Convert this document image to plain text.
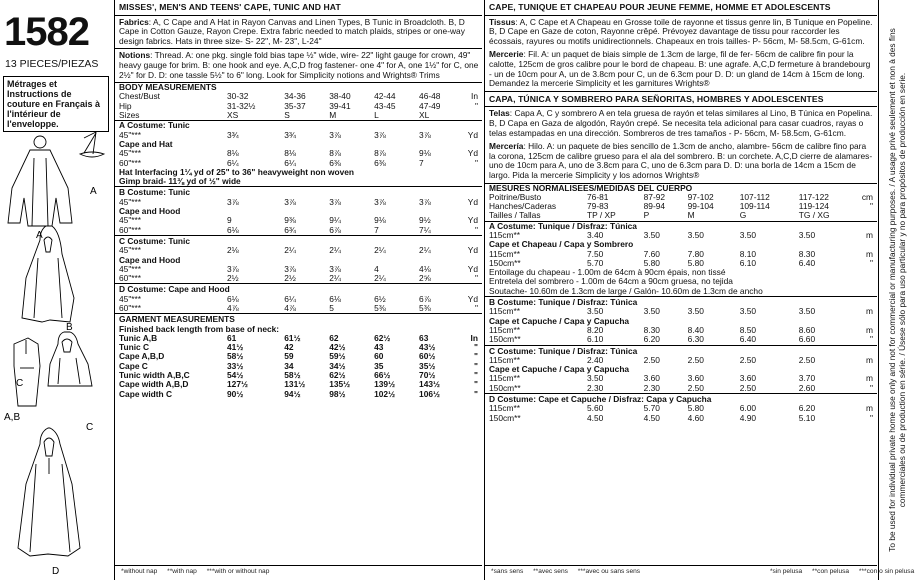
1582
13 PIECES/PIEZAS
Métrages et Instructions de couture en Français à l'intérieur de l'enveloppe.
A
A
B
C
A,B
C
D
MISSES', MEN'S AND TEENS' CAPE, TUNIC AND HAT
Fabrics: A, C Cape and A Hat in Rayon Canvas and Linen Types, B Tunic in Broadcloth. B, D Cape in Cotton Gauze, Rayon Crepe. Extra fabric needed to match plaids, stripes or one-way design fabrics. Hats in three size- S- 22", M- 23", L-24"
Notions: Thread. A: one pkg. single fold bias tape ½" wide, wire- 22" light gauge for crown, 49" heavy gauge for brim. B: one hook and eye. A,C,D frog fastener- one 4" for A, one 1½" for C, one 2½" for D. D: one tassle 5½" to 6" long. Look for Simplicity notions and Wrights® Trims
BODY MEASUREMENTS						
Chest/Bust	30-32	34-36	38-40	42-44	46-48	In
Hip	31-32½	35-37	39-41	43-45	47-49	"
Sizes	XS	S	M	L	XL	
A Costume: Tunic						
45"***	3¾	3¾	3⅞	3⅞	3⅞	Yd
Cape and Hat						
45"***	8⅛	8⅛	8⅞	8⅞	9⅛	Yd
60"***	6¼	6¼	6⅜	6⅜	7	"
Hat Interfacing 1¼ yd of 25" to 36" heavyweight non woven						
Gimp braid- 11⅜ yd of ½" wide						
B Costume: Tunic						
45"***	3⅞	3⅞	3⅞	3⅞	3⅞	Yd
Cape and Hood						
45"***	9	9⅜	9¼	9⅛	9½	Yd
60"***	6⅛	6¾	6⅞	7	7¼	"
C Costume: Tunic						
45"***	2⅛	2¼	2¼	2¼	2¼	Yd
Cape and Hood						
45"***	3⅞	3⅞	3⅞	4	4⅛	Yd
60"***	2½	2½	2¼	2¼	2⅝	"
D Costume: Cape and Hood						
45"***	6⅛	6¼	6⅛	6½	6⅞	Yd
60"***	4⅞	4⅞	5	5⅜	5⅜	"
GARMENT MEASUREMENTS						
Finished back length from base of neck:						
Tunic A,B	61	61½	62	62½	63	In
Tunic C	41½	42	42½	43	43½	"
Cape A,B,D	58½	59	59½	60	60½	"
Cape C	33½	34	34½	35	35½	"
Tunic width A,B,C	54½	58½	62½	66½	70½	"
Cape width A,B,D	127½	131½	135½	139½	143½	"
Cape width C	90½	94½	98½	102½	106½	"
*without nap **with nap ***with or without nap
CAPE, TUNIQUE ET CHAPEAU POUR JEUNE FEMME, HOMME ET ADOLESCENTS
Tissus: A, C Cape et A Chapeau en Grosse toile de rayonne et tissus genre lin, B Tunique en Popeline. B, D Cape en Gaze de coton, Rayonne crêpé. Prévoyez davantage de tissu pour raccorder les écossais, rayures ou motifs unidirectionnels. Chapeaux en trois tailles- P- 56cm, M- 58.5cm, G-61cm.
Mercerie: Fil. A: un paquet de biais simple de 1.3cm de large, fil de fer- 56cm de calibre fin pour la calotte, 125cm de gros calibre pour le bord de chapeau. B: une agrafe. A,C,D fermeture à brandebourg - un de 10cm pour A, un de 3.8cm pour C, un de 6.3cm pour D. D: un gland de 14cm à 15cm de long. Demandez la mercerie Simplicity et les garnitures Wrights®
CAPA, TÚNICA Y SOMBRERO PARA SEÑORITAS, HOMBRES Y ADOLESCENTES
Telas: Capa A, C y sombrero A en tela gruesa de rayón et telas similares al Lino, B Túnica en Popelina. B, D Capa en Gaza de algodón, Rayón crepé. Se necesita tela adicional para casar cuadros, rayas o telas estampadas en una dirección. Sombreros de tres tamaños - P- 56cm, M- 58.5cm, G-61cm.
Mercería: Hilo. A: un paquete de bies sencillo de 1.3cm de ancho, alambre- 56cm de calibre fino para la corona, 125cm de calibre grueso para el ala del sombrero. B: un corchete. A,C,D cierre de alamares- uno de 10cm para A, uno de 3.8cm para C, uno de 6.3cm para D. D: una borla de 14cm a 15cm de largo. Pida la mercerie Simplicity y los adornos Wrights®
MESURES NORMALISEES/MEDIDAS DEL CUERPO						
Poitrine/Busto	76-81	87-92	97-102	107-112	117-122	cm
Hanches/Caderas	79-83	89-94	99-104	109-114	119-124	"
Tailles / Tallas	TP / XP	P	M	G	TG / XG	
A Costume: Tunique / Disfraz: Túnica						
115cm**	3.40	3.50	3.50	3.50	3.50	m
Cape et Chapeau / Capa y Sombrero						
115cm**	7.50	7.60	7.80	8.10	8.30	m
150cm**	5.70	5.80	5.80	6.10	6.40	"
Entoilage du chapeau - 1.00m de 64cm à 90cm épais, non tissé						
Entretela del sombrero - 1.00m de 64cm a 90cm gruesa, no tejida						
Soutache- 10.60m de 1.3cm de large / Galón- 10.60m de 1.3cm de ancho						
B Costume: Tunique / Disfraz: Túnica						
115cm**	3.50	3.50	3.50	3.50	3.50	m
Cape et Capuche / Capa y Capucha						
115cm**	8.20	8.30	8.40	8.50	8.60	m
150cm**	6.10	6.20	6.30	6.40	6.60	"
C Costume: Tunique / Disfraz: Túnica						
115cm**	2.40	2.50	2.50	2.50	2.50	m
Cape et Capuche / Capa y Capucha						
115cm**	3.50	3.60	3.60	3.60	3.70	m
150cm**	2.30	2.30	2.50	2.50	2.60	"
D Costume: Cape et Capuche / Disfraz: Capa y Capucha						
115cm**	5.60	5.70	5.80	6.00	6.20	m
150cm**	4.50	4.50	4.60	4.90	5.10	"
*sans sens **avec sens ***avec ou sans sens	*sin pelusa **con pelusa ***con o sin pelusa
To be used for individual private home use only and not for commercial or manufacturing purposes. / A usage privé seulement et non à des fins commerciales ou de production en série. / Úsese sólo para uso particular y no para propósitos de producción en serie.
